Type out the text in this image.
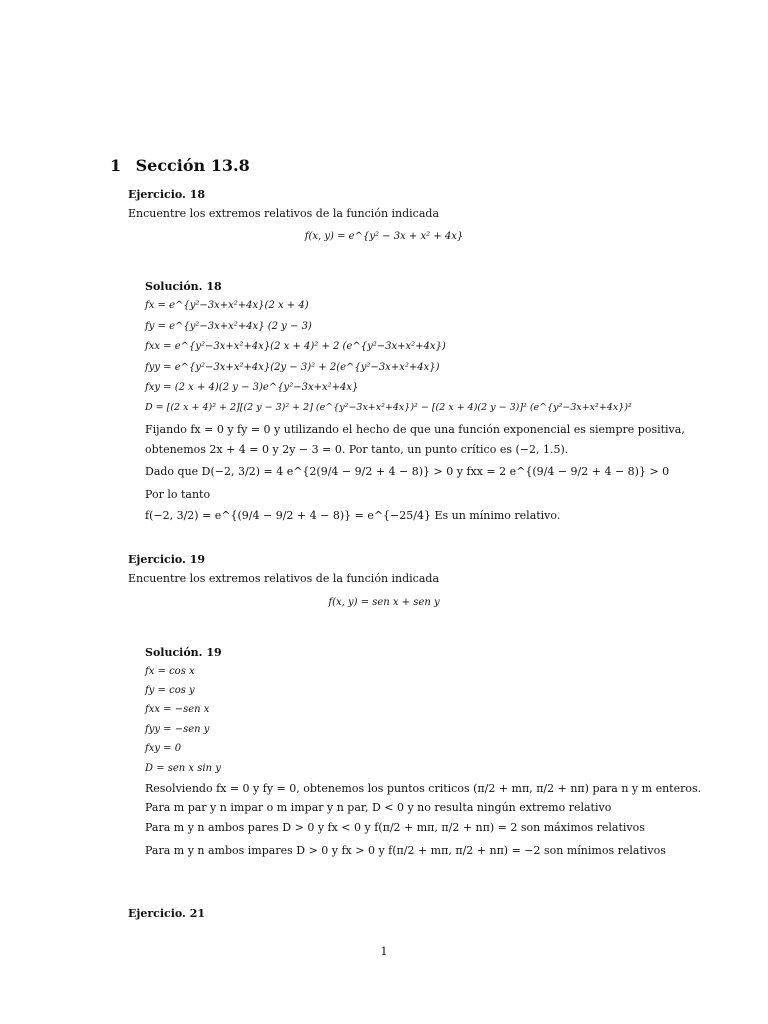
1 Sección 13.8
Ejercicio. 18
Encuentre los extremos relativos de la función indicada
f(x, y) = e^{y² − 3x + x² + 4x}
Solución. 18
fx = e^{y²−3x+x²+4x}(2 x + 4)
fy = e^{y²−3x+x²+4x} (2 y − 3)
fxx = e^{y²−3x+x²+4x}(2 x + 4)² + 2 (e^{y²−3x+x²+4x})
fyy = e^{y²−3x+x²+4x}(2y − 3)² + 2(e^{y²−3x+x²+4x})
fxy = (2 x + 4)(2 y − 3)e^{y²−3x+x²+4x}
D = [(2 x + 4)² + 2][(2 y − 3)² + 2] (e^{y²−3x+x²+4x})² − [(2 x + 4)(2 y − 3)]² (e^{y²−3x+x²+4x})²
Fijando fx = 0 y fy = 0 y utilizando el hecho de que una función exponencial es siempre positiva,
obtenemos 2x + 4 = 0 y 2y − 3 = 0. Por tanto, un punto crítico es (−2, 1.5).
Dado que D(−2, 3/2) = 4 e^{2(9/4 − 9/2 + 4 − 8)} > 0 y fxx = 2 e^{(9/4 − 9/2 + 4 − 8)} > 0
Por lo tanto
f(−2, 3/2) = e^{(9/4 − 9/2 + 4 − 8)} = e^{−25/4} Es un mínimo relativo.
Ejercicio. 19
Encuentre los extremos relativos de la función indicada
f(x, y) = sen x + sen y
Solución. 19
fx = cos x
fy = cos y
fxx = −sen x
fyy = −sen y
fxy = 0
D = sen x sin y
Resolviendo fx = 0 y fy = 0, obtenemos los puntos criticos (π/2 + mπ, π/2 + nπ) para n y m enteros.
Para m par y n impar o m impar y n par, D < 0 y no resulta ningún extremo relativo
Para m y n ambos pares D > 0 y fx < 0 y f(π/2 + mπ, π/2 + nπ) = 2 son máximos relativos
Para m y n ambos impares D > 0 y fx > 0 y f(π/2 + mπ, π/2 + nπ) = −2 son mínimos relativos
Ejercicio. 21
1
